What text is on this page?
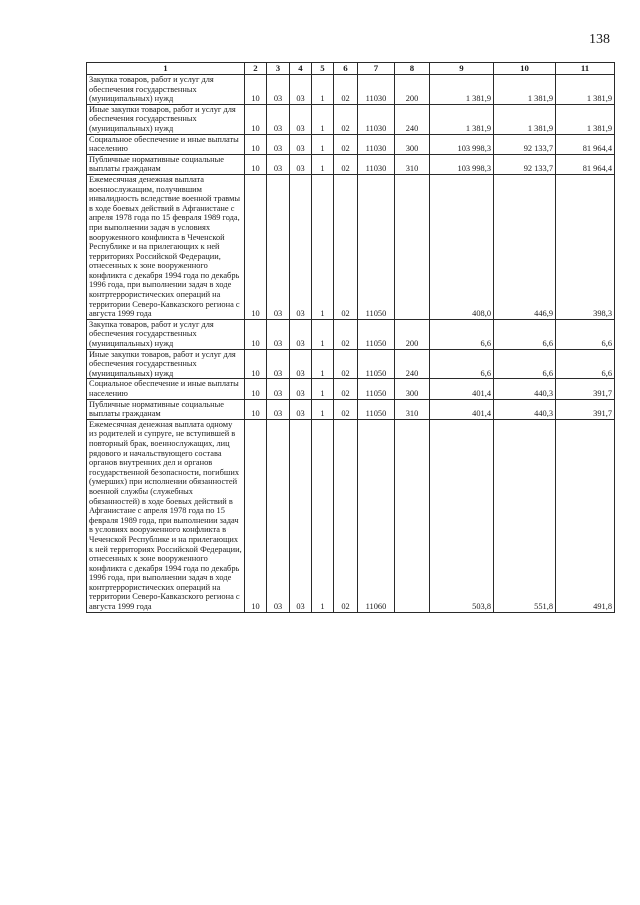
138
1	2	3	4	5	6	7	8	9	10	11
Закупка товаров, работ и услуг для обеспечения государственных (муниципальных) нужд	10	03	03	1	02	11030	200	1 381,9	1 381,9	1 381,9
Иные закупки товаров, работ и услуг для обеспечения государственных (муниципальных) нужд	10	03	03	1	02	11030	240	1 381,9	1 381,9	1 381,9
Социальное обеспечение и иные выплаты населению	10	03	03	1	02	11030	300	103 998,3	92 133,7	81 964,4
Публичные нормативные социальные выплаты гражданам	10	03	03	1	02	11030	310	103 998,3	92 133,7	81 964,4
Ежемесячная денежная выплата военнослужащим, получившим инвалидность вследствие военной травмы в ходе боевых действий в Афганистане с апреля 1978 года по 15 февраля 1989 года, при выполнении задач в условиях вооруженного конфликта в Чеченской Республике и на прилегающих к ней территориях Российской Федерации, отнесенных к зоне вооруженного конфликта с декабря 1994 года по декабрь 1996 года, при выполнении задач в ходе контртеррористических операций на территории Северо-Кавказского региона с августа 1999 года	10	03	03	1	02	11050		408,0	446,9	398,3
Закупка товаров, работ и услуг для обеспечения государственных (муниципальных) нужд	10	03	03	1	02	11050	200	6,6	6,6	6,6
Иные закупки товаров, работ и услуг для обеспечения государственных (муниципальных) нужд	10	03	03	1	02	11050	240	6,6	6,6	6,6
Социальное обеспечение и иные выплаты населению	10	03	03	1	02	11050	300	401,4	440,3	391,7
Публичные нормативные социальные выплаты гражданам	10	03	03	1	02	11050	310	401,4	440,3	391,7
Ежемесячная денежная выплата одному из родителей и супруге, не вступившей в повторный брак, военнослужащих, лиц рядового и начальствующего состава органов внутренних дел и органов государственной безопасности, погибших (умерших) при исполнении обязанностей военной службы (служебных обязанностей) в ходе боевых действий в Афганистане с апреля 1978 года по 15 февраля 1989 года, при выполнении задач в условиях вооруженного конфликта в Чеченской Республике и на прилегающих к ней территориях Российской Федерации, отнесенных к зоне вооруженного конфликта с декабря 1994 года по декабрь 1996 года, при выполнении задач в ходе контртеррористических операций на территории Северо-Кавказского региона с августа 1999 года	10	03	03	1	02	11060		503,8	551,8	491,8
